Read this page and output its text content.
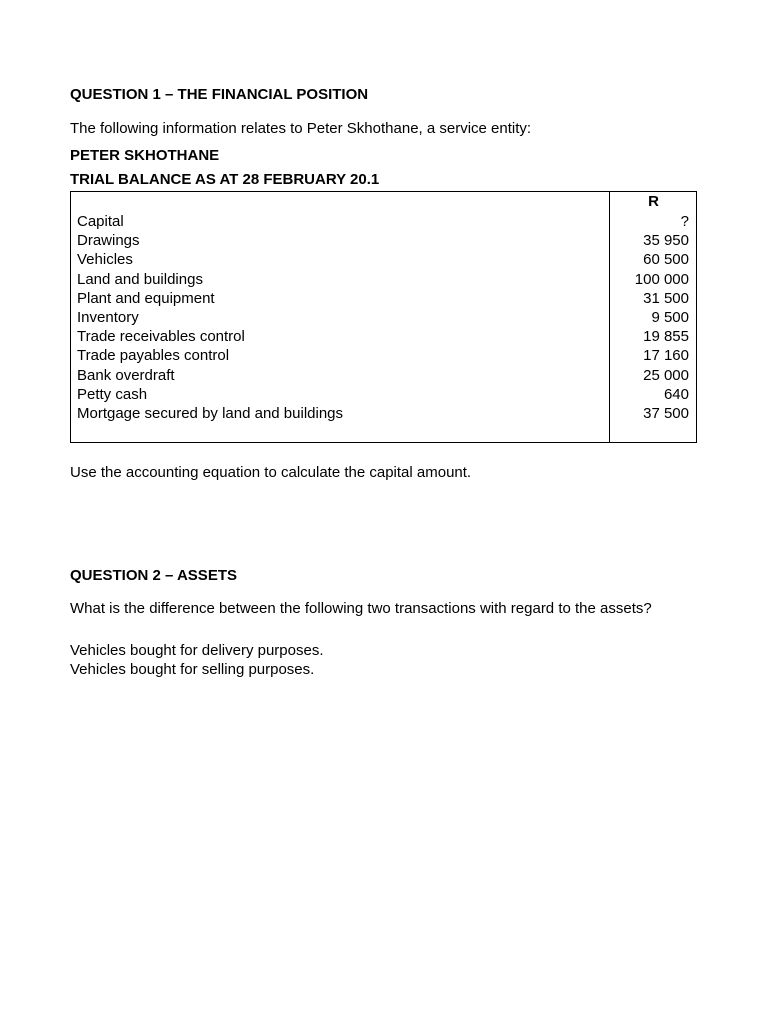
QUESTION 1 – THE FINANCIAL POSITION
The following information relates to Peter Skhothane, a service entity:
PETER SKHOTHANE
TRIAL BALANCE AS AT 28 FEBRUARY 20.1
R
Capital	?
Drawings	35 950
Vehicles	60 500
Land and buildings	100 000
Plant and equipment	31 500
Inventory	9 500
Trade receivables control	19 855
Trade payables control	17 160
Bank overdraft	25 000
Petty cash	640
Mortgage secured by land and buildings	37 500
Use the accounting equation to calculate the capital amount.
QUESTION 2 – ASSETS
What is the difference between the following two transactions with regard to the assets?
Vehicles bought for delivery purposes.
Vehicles bought for selling purposes.
